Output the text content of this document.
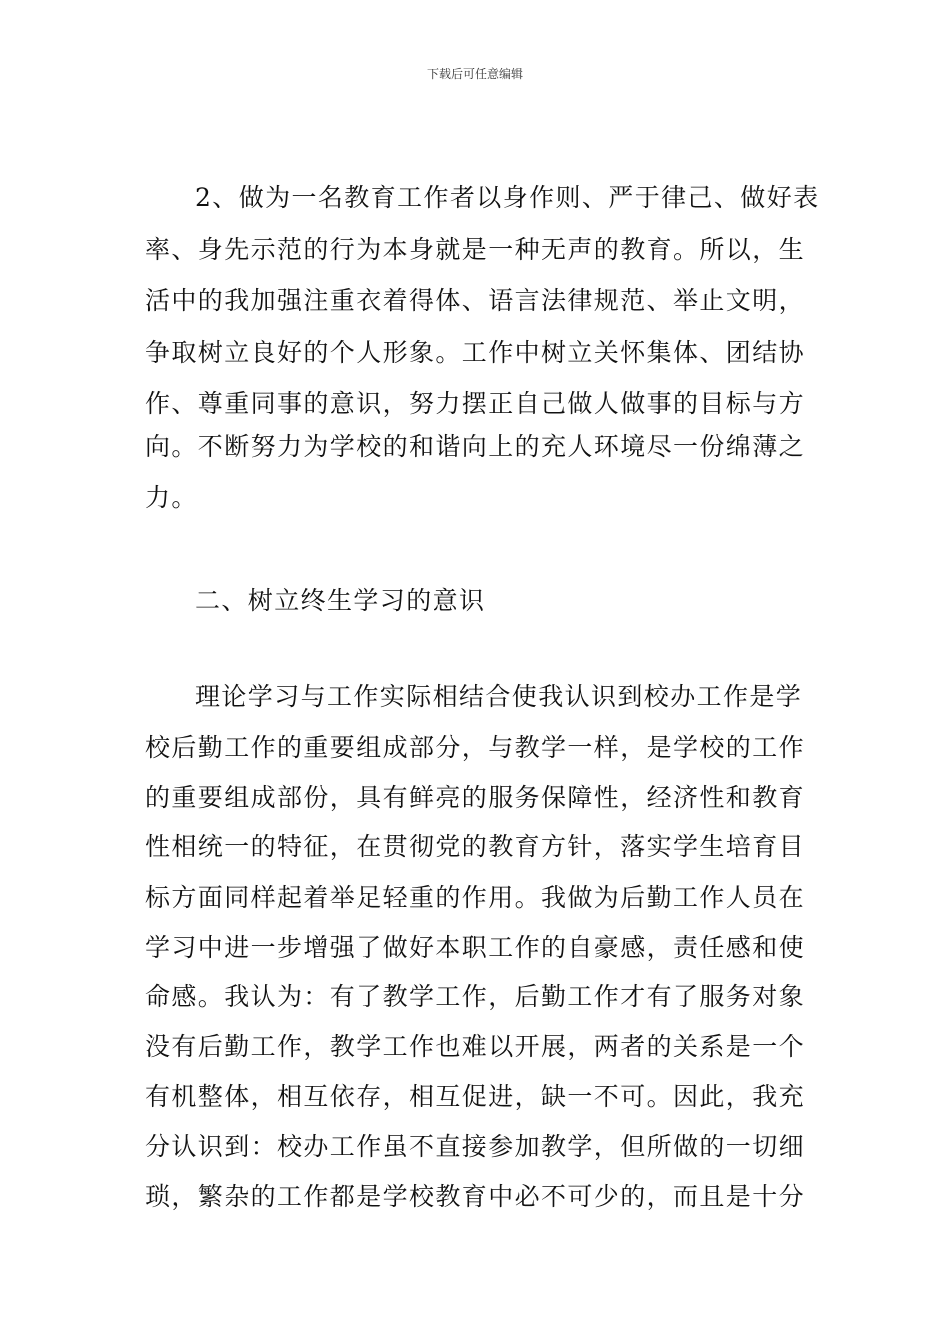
下载后可任意编辑
2、做为一名教育工作者以身作则、严于律己、做好表
率、身先示范的行为本身就是一种无声的教育。所以，生
活中的我加强注重衣着得体、语言法律规范、举止文明，
争取树立良好的个人形象。工作中树立关怀集体、团结协
作、尊重同事的意识，努力摆正自己做人做事的目标与方
向。不断努力为学校的和谐向上的充人环境尽一份绵薄之
力。
二、树立终生学习的意识
理论学习与工作实际相结合使我认识到校办工作是学
校后勤工作的重要组成部分，与教学一样，是学校的工作
的重要组成部份，具有鲜亮的服务保障性，经济性和教育
性相统一的特征，在贯彻党的教育方针，落实学生培育目
标方面同样起着举足轻重的作用。我做为后勤工作人员在
学习中进一步增强了做好本职工作的自豪感，责任感和使
命感。我认为：有了教学工作，后勤工作才有了服务对象
没有后勤工作，教学工作也难以开展，两者的关系是一个
有机整体，相互依存，相互促进，缺一不可。因此，我充
分认识到：校办工作虽不直接参加教学，但所做的一切细
琐，繁杂的工作都是学校教育中必不可少的，而且是十分
